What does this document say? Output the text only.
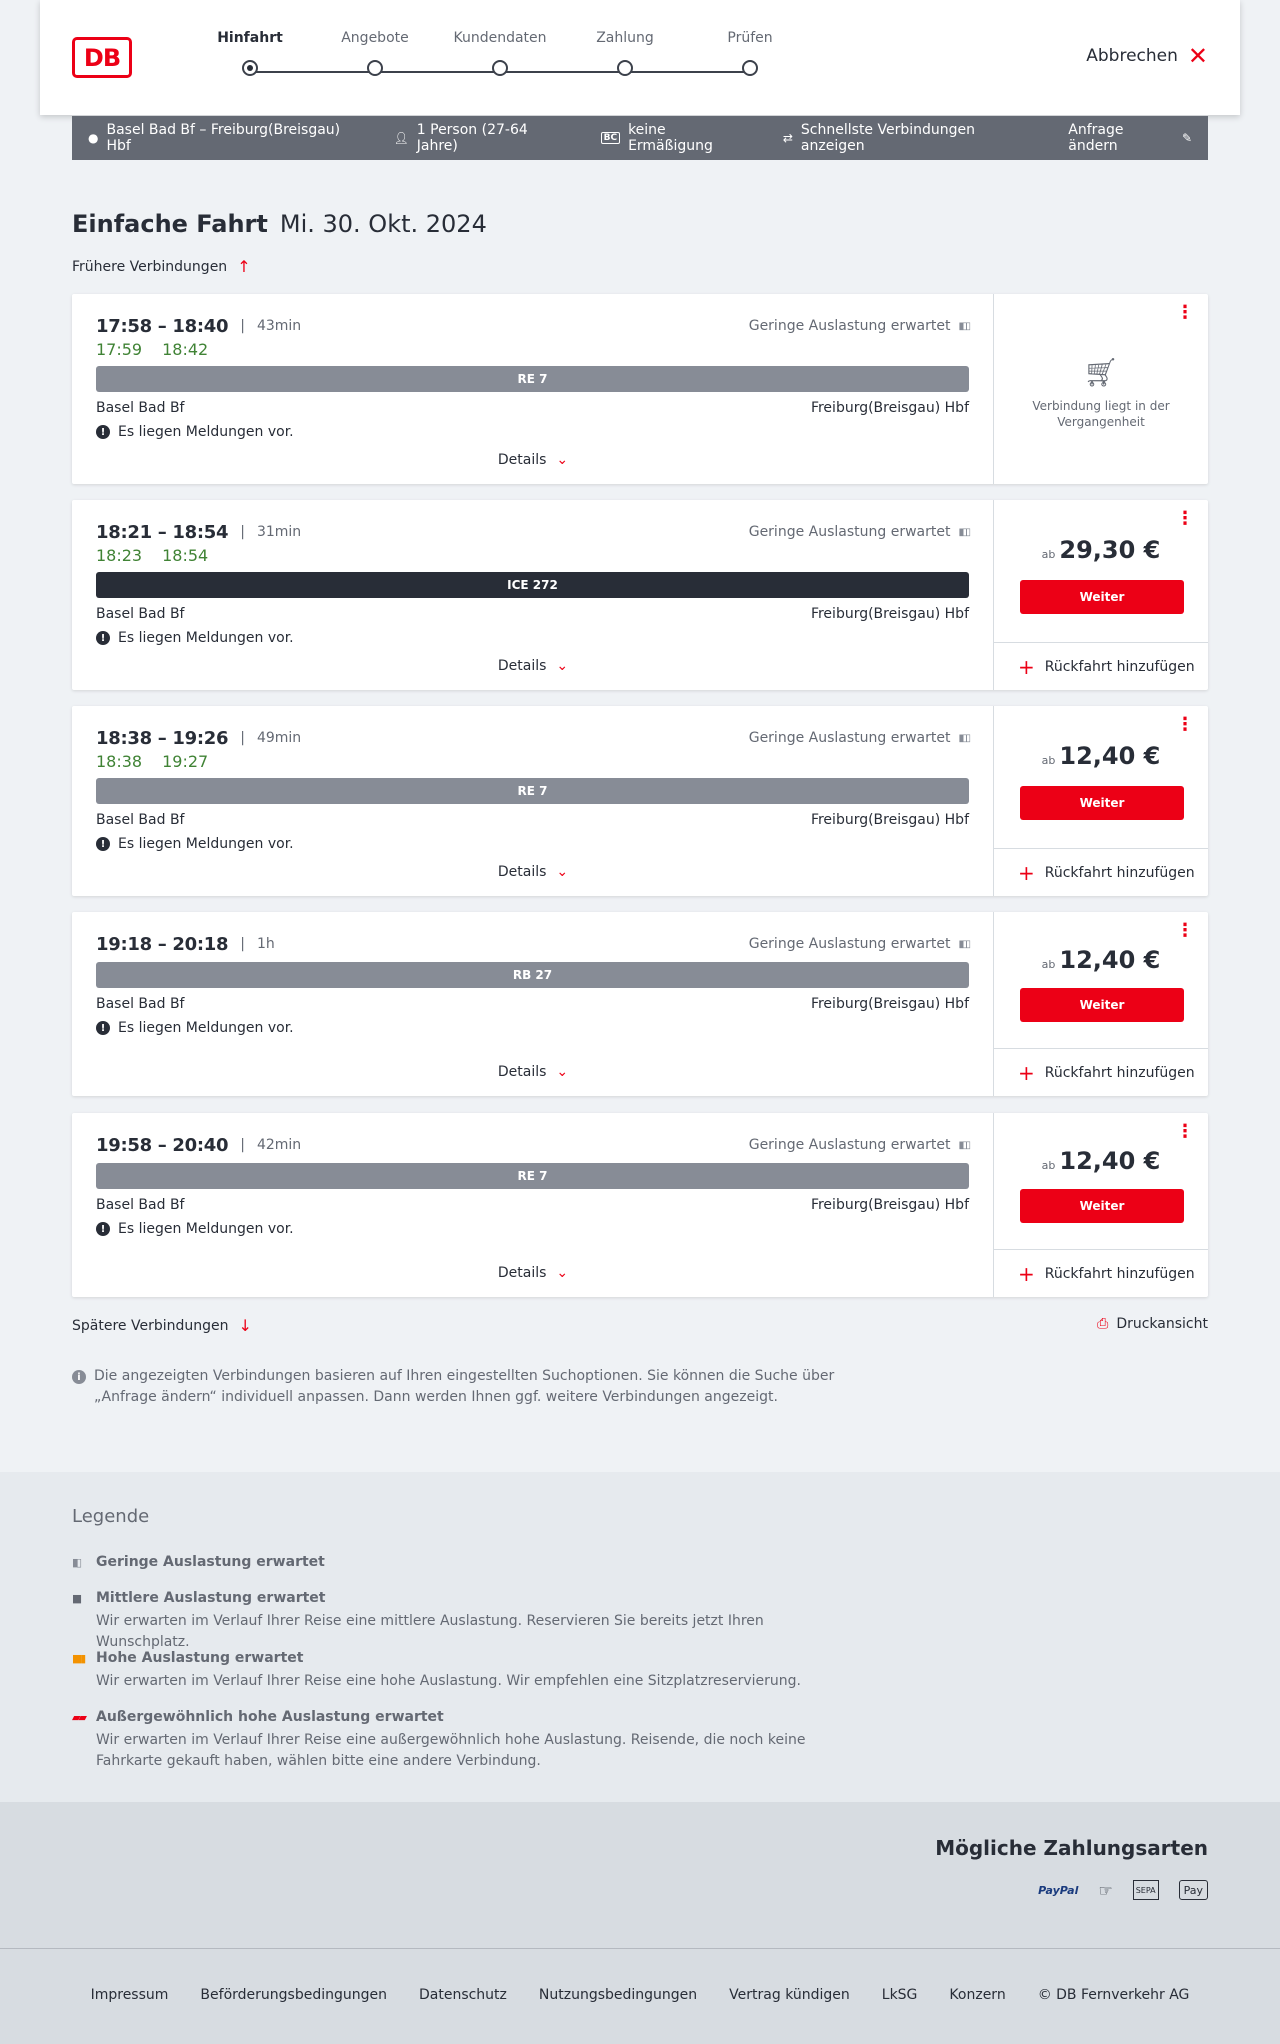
DB
Hinfahrt	Angebote	Kundendaten	Zahlung	Prüfen
Abbrechen ✕
● Basel Bad Bf – Freiburg(Breisgau) Hbf	👤︎ 1 Person (27-64 Jahre)	BC keine Ermäßigung	⇄ Schnellste Verbindungen anzeigen
Anfrage ändern	✎
Einfache Fahrt Mi. 30. Okt. 2024
Frühere Verbindungen ↑
17:58 – 18:40 | 43min	Geringe Auslastung erwartet ▮▯▯
17:59 18:42
RE 7
Basel Bad Bf	Freiburg(Breisgau) Hbf
! Es liegen Meldungen vor.
Details ⌄
⋮
🛒︎
Verbindung liegt in der Vergangenheit
18:21 – 18:54 | 31min	Geringe Auslastung erwartet ▮▯▯
18:23 18:54
ICE 272
Basel Bad Bf	Freiburg(Breisgau) Hbf
! Es liegen Meldungen vor.
Details ⌄
⋮
ab 29,30 €
Weiter
+ Rückfahrt hinzufügen
18:38 – 19:26 | 49min	Geringe Auslastung erwartet ▮▯▯
18:38 19:27
RE 7
Basel Bad Bf	Freiburg(Breisgau) Hbf
! Es liegen Meldungen vor.
Details ⌄
⋮
ab 12,40 €
Weiter
+ Rückfahrt hinzufügen
19:18 – 20:18 | 1h	Geringe Auslastung erwartet ▮▯▯
RB 27
Basel Bad Bf	Freiburg(Breisgau) Hbf
! Es liegen Meldungen vor.
Details ⌄
⋮
ab 12,40 €
Weiter
+ Rückfahrt hinzufügen
19:58 – 20:40 | 42min	Geringe Auslastung erwartet ▮▯▯
RE 7
Basel Bad Bf	Freiburg(Breisgau) Hbf
! Es liegen Meldungen vor.
Details ⌄
⋮
ab 12,40 €
Weiter
+ Rückfahrt hinzufügen
Spätere Verbindungen ↓	⎙ Druckansicht
i Die angezeigten Verbindungen basieren auf Ihren eingestellten Suchoptionen. Sie können die Suche über „Anfrage ändern“ individuell anpassen. Dann werden Ihnen ggf. weitere Verbindungen angezeigt.
Legende
▮▯	Geringe Auslastung erwartet
▮▮	Mittlere Auslastung erwartet
Wir erwarten im Verlauf Ihrer Reise eine mittlere Auslastung. Reservieren Sie bereits jetzt Ihren Wunschplatz.
▮▮▮ Hohe Auslastung erwartet
Wir erwarten im Verlauf Ihrer Reise eine hohe Auslastung. Wir empfehlen eine Sitzplatzreservierung.
▰▰ Außergewöhnlich hohe Auslastung erwartet
Wir erwarten im Verlauf Ihrer Reise eine außergewöhnlich hohe Auslastung. Reisende, die noch keine Fahrkarte gekauft haben, wählen bitte eine andere Verbindung.
Mögliche Zahlungsarten
PayPal ☞	SEPA	Pay
Impressum Beförderungsbedingungen Datenschutz Nutzungsbedingungen Vertrag kündigen LkSG Konzern © DB Fernverkehr AG
